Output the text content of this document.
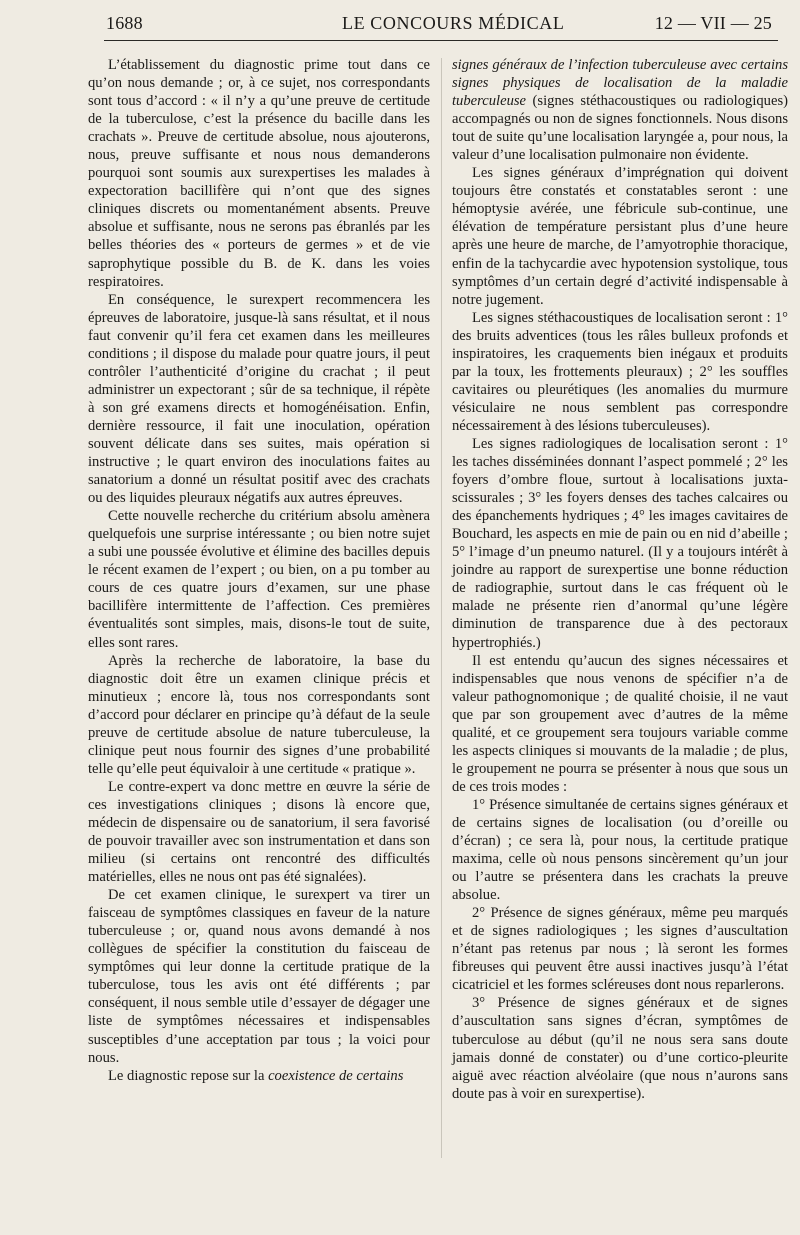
1688	LE CONCOURS MÉDICAL	12 — VII — 25

L’établissement du diagnostic prime tout dans ce qu’on nous demande ; or, à ce sujet, nos correspondants sont tous d’accord : « il n’y a qu’une preuve de certitude de la tuberculose, c’est la présence du bacille dans les crachats ». Preuve de certitude absolue, nous ajouterons, nous, preuve suffisante et nous nous demanderons pourquoi sont soumis aux surexpertises les malades à expectoration bacillifère qui n’ont que des signes cliniques discrets ou momentanément absents. Preuve absolue et suffisante, nous ne serons pas ébranlés par les belles théories des « porteurs de germes » et de vie saprophytique possible du B. de K. dans les voies respiratoires.

En conséquence, le surexpert recommencera les épreuves de laboratoire, jusque-là sans résultat, et il nous faut convenir qu’il fera cet examen dans les meilleures conditions ; il dispose du malade pour quatre jours, il peut contrôler l’authenticité d’origine du crachat ; il peut administrer un expectorant ; sûr de sa technique, il répète à son gré examens directs et homogénéisation. Enfin, dernière ressource, il fait une inoculation, opération souvent délicate dans ses suites, mais opération si instructive ; le quart environ des inoculations faites au sanatorium a donné un résultat positif avec des crachats ou des liquides pleuraux négatifs aux autres épreuves.

Cette nouvelle recherche du critérium absolu amènera quelquefois une surprise intéressante ; ou bien notre sujet a subi une poussée évolutive et élimine des bacilles depuis le récent examen de l’expert ; ou bien, on a pu tomber au cours de ces quatre jours d’examen, sur une phase bacillifère intermittente de l’affection. Ces premières éventualités sont simples, mais, disons-le tout de suite, elles sont rares.

Après la recherche de laboratoire, la base du diagnostic doit être un examen clinique précis et minutieux ; encore là, tous nos correspondants sont d’accord pour déclarer en principe qu’à défaut de la seule preuve de certitude absolue de nature tuberculeuse, la clinique peut nous fournir des signes d’une probabilité telle qu’elle peut équivaloir à une certitude « pratique ».

Le contre-expert va donc mettre en œuvre la série de ces investigations cliniques ; disons là encore que, médecin de dispensaire ou de sanatorium, il sera favorisé de pouvoir travailler avec son instrumentation et dans son milieu (si certains ont rencontré des difficultés matérielles, elles ne nous ont pas été signalées).

De cet examen clinique, le surexpert va tirer un faisceau de symptômes classiques en faveur de la nature tuberculeuse ; or, quand nous avons demandé à nos collègues de spécifier la constitution du faisceau de symptômes qui leur donne la certitude pratique de la tuberculose, tous les avis ont été différents ; par conséquent, il nous semble utile d’essayer de dégager une liste de symptômes nécessaires et indispensables susceptibles d’une acceptation par tous ; la voici pour nous.

Le diagnostic repose sur la coexistence de certains

signes généraux de l’infection tuberculeuse avec certains signes physiques de localisation de la maladie tuberculeuse (signes stéthacoustiques ou radiologiques) accompagnés ou non de signes fonctionnels. Nous disons tout de suite qu’une localisation laryngée a, pour nous, la valeur d’une localisation pulmonaire non évidente.

Les signes généraux d’imprégnation qui doivent toujours être constatés et constatables seront : une hémoptysie avérée, une fébricule sub-continue, une élévation de température persistant plus d’une heure après une heure de marche, de l’amyotrophie thoracique, enfin de la tachycardie avec hypotension systolique, tous symptômes d’un certain degré d’activité indispensable à notre jugement.

Les signes stéthacoustiques de localisation seront : 1° des bruits adventices (tous les râles bulleux profonds et inspiratoires, les craquements bien inégaux et produits par la toux, les frottements pleuraux) ; 2° les souffles cavitaires ou pleurétiques (les anomalies du murmure vésiculaire ne nous semblent pas correspondre nécessairement à des lésions tuberculeuses).

Les signes radiologiques de localisation seront : 1° les taches disséminées donnant l’aspect pommelé ; 2° les foyers d’ombre floue, surtout à localisations juxta-scissurales ; 3° les foyers denses des taches calcaires ou des épanchements hydriques ; 4° les images cavitaires de Bouchard, les aspects en mie de pain ou en nid d’abeille ; 5° l’image d’un pneumo naturel. (Il y a toujours intérêt à joindre au rapport de surexpertise une bonne réduction de radiographie, surtout dans le cas fréquent où le malade ne présente rien d’anormal qu’une légère diminution de transparence due à des pectoraux hypertrophiés.)

Il est entendu qu’aucun des signes nécessaires et indispensables que nous venons de spécifier n’a de valeur pathognomonique ; de qualité choisie, il ne vaut que par son groupement avec d’autres de la même qualité, et ce groupement sera toujours variable comme les aspects cliniques si mouvants de la maladie ; de plus, le groupement ne pourra se présenter à nous que sous un de ces trois modes :

1° Présence simultanée de certains signes généraux et de certains signes de localisation (ou d’oreille ou d’écran) ; ce sera là, pour nous, la certitude pratique maxima, celle où nous pensons sincèrement qu’un jour ou l’autre se présentera dans les crachats la preuve absolue.

2° Présence de signes généraux, même peu marqués et de signes radiologiques ; les signes d’auscultation n’étant pas retenus par nous ; là seront les formes fibreuses qui peuvent être aussi inactives jusqu’à l’état cicatriciel et les formes scléreuses dont nous reparlerons.

3° Présence de signes généraux et de signes d’auscultation sans signes d’écran, symptômes de tuberculose au début (qu’il ne nous sera sans doute jamais donné de constater) ou d’une cortico-pleurite aiguë avec réaction alvéolaire (que nous n’aurons sans doute pas à voir en surexpertise).
